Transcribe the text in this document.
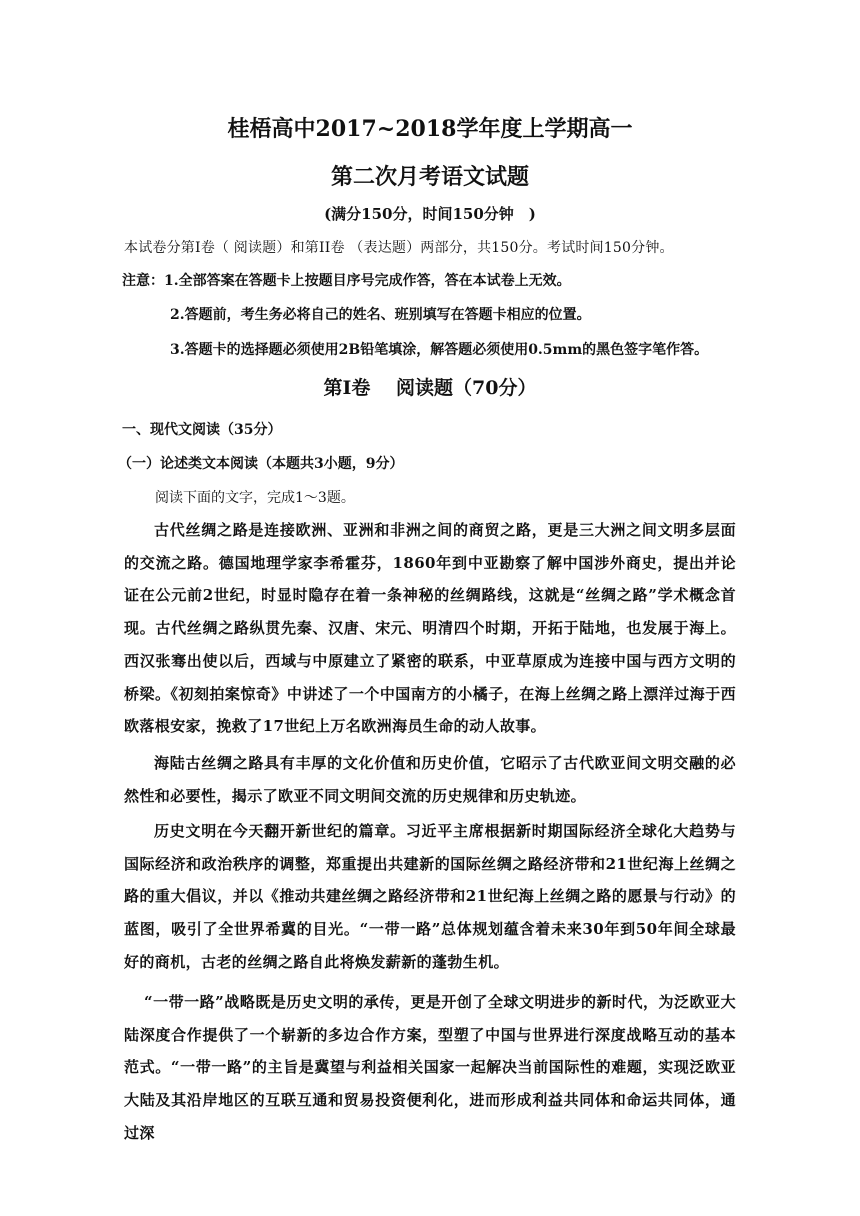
桂梧高中2017~2018学年度上学期高一
第二次月考语文试题
(满分150分，时间150分钟　)
本试卷分第I卷（ 阅读题）和第II卷 （表达题）两部分，共150分。考试时间150分钟。
注意：1.全部答案在答题卡上按题目序号完成作答，答在本试卷上无效。
2.答题前，考生务必将自己的姓名、班别填写在答题卡相应的位置。
3.答题卡的选择题必须使用2B铅笔填涂，解答题必须使用0.5mm的黑色签字笔作答。
第Ⅰ卷　 阅读题（70分）
一、现代文阅读（35分）
（一）论述类文本阅读（本题共3小题，9分）
阅读下面的文字，完成1～3题。
古代丝绸之路是连接欧洲、亚洲和非洲之间的商贸之路，更是三大洲之间文明多层面的交流之路。德国地理学家李希霍芬，1860年到中亚勘察了解中国涉外商史，提出并论证在公元前2世纪，时显时隐存在着一条神秘的丝绸路线，这就是“丝绸之路”学术概念首现。古代丝绸之路纵贯先秦、汉唐、宋元、明清四个时期，开拓于陆地，也发展于海上。西汉张骞出使以后，西域与中原建立了紧密的联系，中亚草原成为连接中国与西方文明的桥梁。《初刻拍案惊奇》中讲述了一个中国南方的小橘子，在海上丝绸之路上漂洋过海于西欧落根安家，挽救了17世纪上万名欧洲海员生命的动人故事。
海陆古丝绸之路具有丰厚的文化价值和历史价值，它昭示了古代欧亚间文明交融的必然性和必要性，揭示了欧亚不同文明间交流的历史规律和历史轨迹。
历史文明在今天翻开新世纪的篇章。习近平主席根据新时期国际经济全球化大趋势与国际经济和政治秩序的调整，郑重提出共建新的国际丝绸之路经济带和21世纪海上丝绸之路的重大倡议，并以《推动共建丝绸之路经济带和21世纪海上丝绸之路的愿景与行动》的蓝图，吸引了全世界希冀的目光。“一带一路”总体规划蕴含着未来30年到50年间全球最好的商机，古老的丝绸之路自此将焕发薪新的蓬勃生机。
“一带一路”战略既是历史文明的承传，更是开创了全球文明进步的新时代，为泛欧亚大陆深度合作提供了一个崭新的多边合作方案，型塑了中国与世界进行深度战略互动的基本范式。“一带一路”的主旨是冀望与利益相关国家一起解决当前国际性的难题，实现泛欧亚大陆及其沿岸地区的互联互通和贸易投资便利化，进而形成利益共同体和命运共同体，通过深
